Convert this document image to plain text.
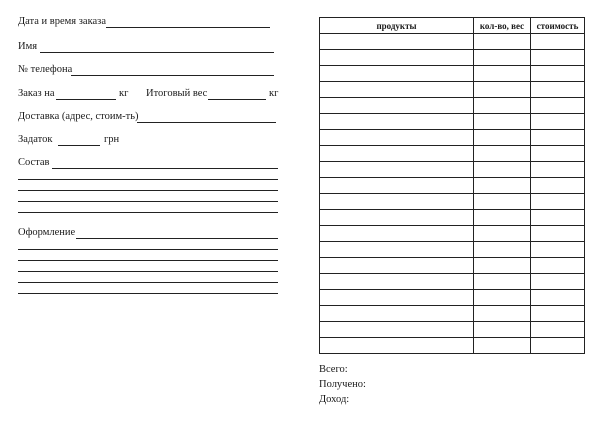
Дата и время заказа
Имя
№ телефона
Заказ на	кг Итоговый вес	кг
Доставка (адрес, стоим-ть)
Задаток	грн
Состав
Оформление
продукты	кол-во, вес	стоимость

Всего:
Получено:
Доход:
